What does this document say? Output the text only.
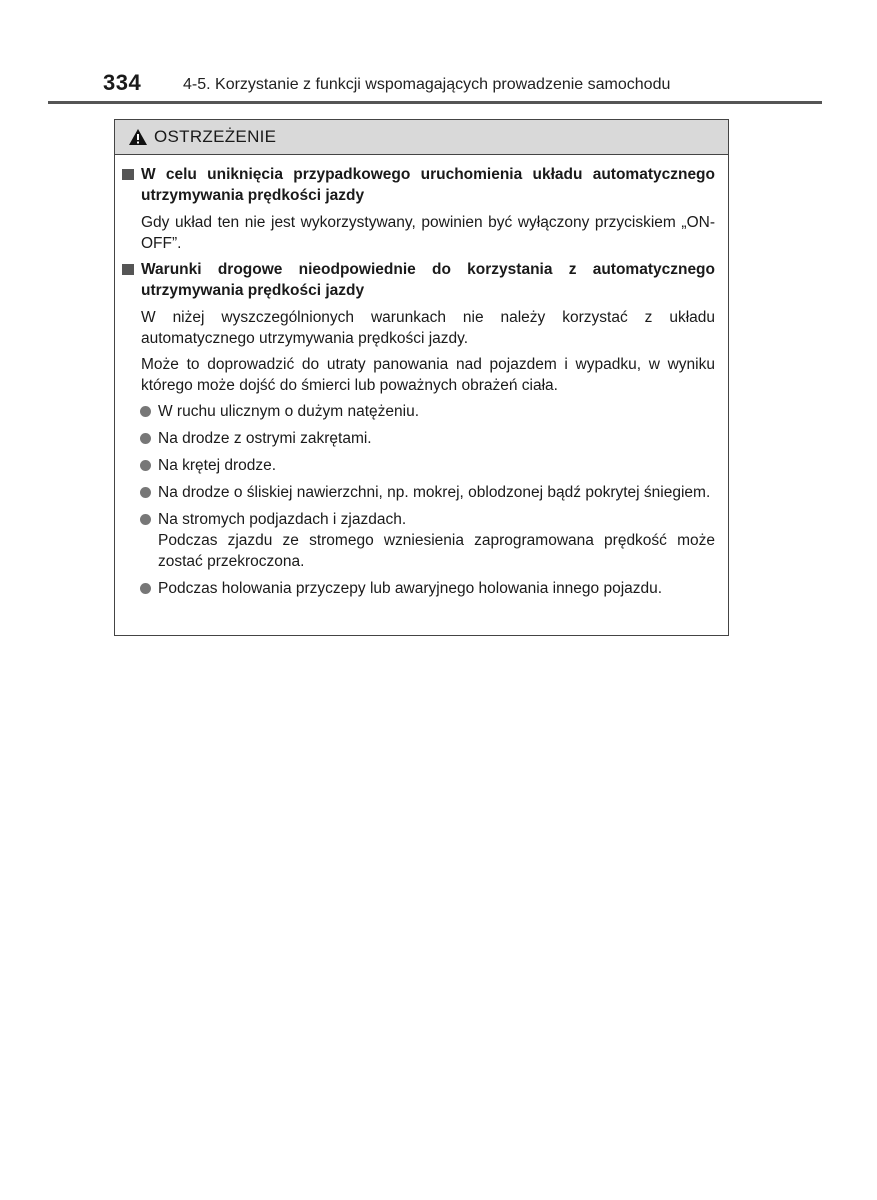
334	4-5. Korzystanie z funkcji wspomagających prowadzenie samochodu
OSTRZEŻENIE
W celu uniknięcia przypadkowego uruchomienia układu automatycznego utrzymywania prędkości jazdy
Gdy układ ten nie jest wykorzystywany, powinien być wyłączony przyciskiem „ON-OFF”.
Warunki drogowe nieodpowiednie do korzystania z automatycznego utrzymywania prędkości jazdy
W niżej wyszczególnionych warunkach nie należy korzystać z układu automatycznego utrzymywania prędkości jazdy.
Może to doprowadzić do utraty panowania nad pojazdem i wypadku, w wyniku którego może dojść do śmierci lub poważnych obrażeń ciała.
W ruchu ulicznym o dużym natężeniu.
Na drodze z ostrymi zakrętami.
Na krętej drodze.
Na drodze o śliskiej nawierzchni, np. mokrej, oblodzonej bądź pokrytej śniegiem.
Na stromych podjazdach i zjazdach.
Podczas zjazdu ze stromego wzniesienia zaprogramowana prędkość może zostać przekroczona.
Podczas holowania przyczepy lub awaryjnego holowania innego pojazdu.
